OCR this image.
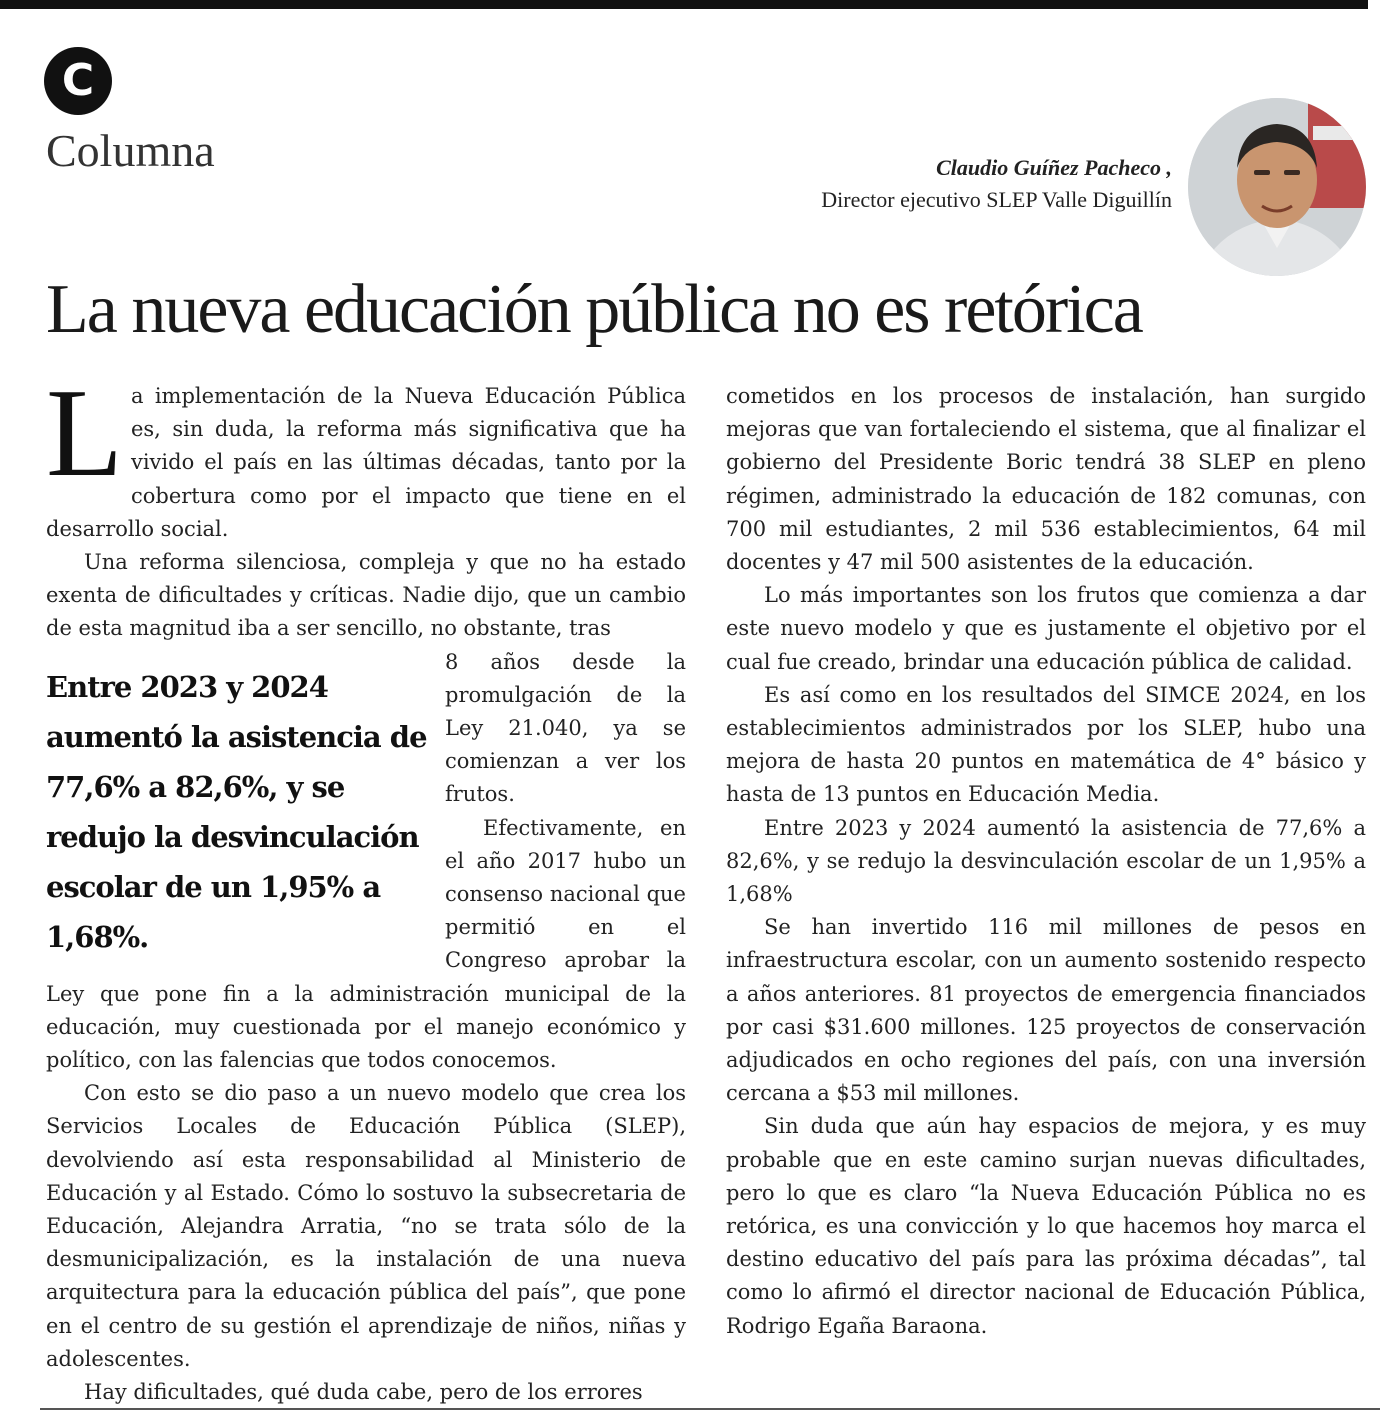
C
Columna	Claudio Guíñez Pacheco ,
Director ejecutivo SLEP Valle Diguillín
La nueva educación pública no es retórica

La implementación de la Nueva Educación Pública es, sin duda, la reforma más significativa que ha vivido el país en las últimas décadas, tanto por la cobertura como por el impacto que tiene en el desarrollo social.

Una reforma silenciosa, compleja y que no ha estado exenta de dificultades y críticas. Nadie dijo, que un cambio de esta magnitud iba a ser sencillo, no obstante, tras

Entre 2023 y 2024 aumentó la asistencia de 77,6% a 82,6%, y se redujo la desvinculación escolar de un 1,95% a 1,68%.

8 años desde la promulgación de la Ley 21.040, ya se comienzan a ver los frutos.

Efectivamente, en el año 2017 hubo un consenso nacional que permitió en el Congreso aprobar la Ley que pone fin a la administración municipal de la educación, muy cuestionada por el manejo económico y político, con las falencias que todos conocemos.

Con esto se dio paso a un nuevo modelo que crea los Servicios Locales de Educación Pública (SLEP), devolviendo así esta responsabilidad al Ministerio de Educación y al Estado. Cómo lo sostuvo la subsecretaria de Educación, Alejandra Arratia, “no se trata sólo de la desmunicipalización, es la instalación de una nueva arquitectura para la educación pública del país”, que pone en el centro de su gestión el aprendizaje de niños, niñas y adolescentes.

Hay dificultades, qué duda cabe, pero de los errores

cometidos en los procesos de instalación, han surgido mejoras que van fortaleciendo el sistema, que al finalizar el gobierno del Presidente Boric tendrá 38 SLEP en pleno régimen, administrado la educación de 182 comunas, con 700 mil estudiantes, 2 mil 536 establecimientos, 64 mil docentes y 47 mil 500 asistentes de la educación.

Lo más importantes son los frutos que comienza a dar este nuevo modelo y que es justamente el objetivo por el cual fue creado, brindar una educación pública de calidad.

Es así como en los resultados del SIMCE 2024, en los establecimientos administrados por los SLEP, hubo una mejora de hasta 20 puntos en matemática de 4° básico y hasta de 13 puntos en Educación Media.

Entre 2023 y 2024 aumentó la asistencia de 77,6% a 82,6%, y se redujo la desvinculación escolar de un 1,95% a 1,68%

Se han invertido 116 mil millones de pesos en infraestructura escolar, con un aumento sostenido respecto a años anteriores. 81 proyectos de emergencia financiados por casi $31.600 millones. 125 proyectos de conservación adjudicados en ocho regiones del país, con una inversión cercana a $53 mil millones.

Sin duda que aún hay espacios de mejora, y es muy probable que en este camino surjan nuevas dificultades, pero lo que es claro “la Nueva Educación Pública no es retórica, es una convicción y lo que hacemos hoy marca el destino educativo del país para las próxima décadas”, tal como lo afirmó el director nacional de Educación Pública, Rodrigo Egaña Baraona.
